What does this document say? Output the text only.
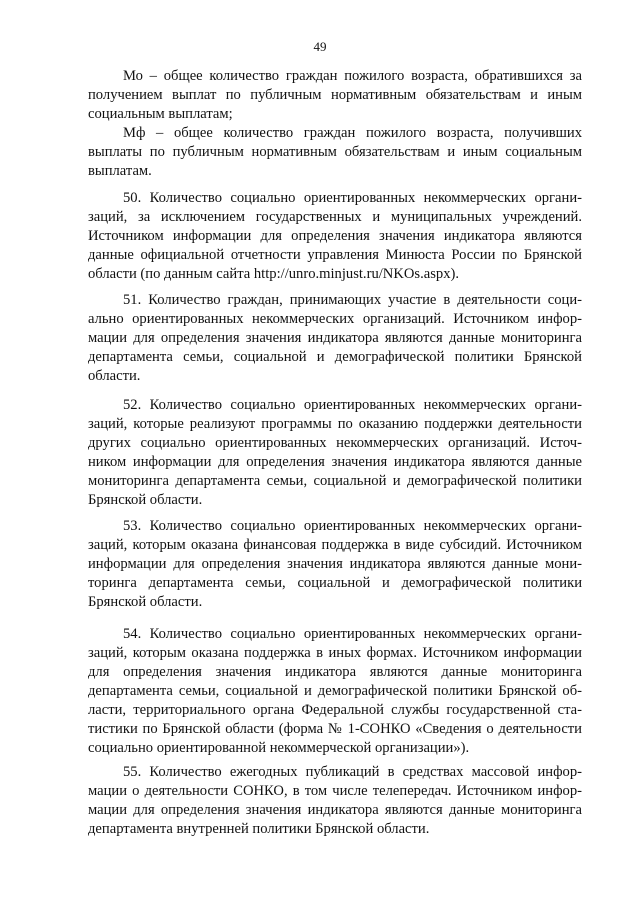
49
Мо – общее количество граждан пожилого возраста, обратившихся за
получением выплат по публичным нормативным обязательствам и иным
социальным выплатам;
Мф – общее количество граждан пожилого возраста, получивших
выплаты по публичным нормативным обязательствам и иным социальным
выплатам.
50. Количество социально ориентированных некоммерческих органи-
заций, за исключением государственных и муниципальных учреждений.
Источником информации для определения значения индикатора являются
данные официальной отчетности управления Минюста России по Брянской
области (по данным сайта http://unro.minjust.ru/NKOs.aspx).
51. Количество граждан, принимающих участие в деятельности соци-
ально ориентированных некоммерческих организаций. Источником инфор-
мации для определения значения индикатора являются данные мониторинга
департамента семьи, социальной и демографической политики Брянской
области.
52. Количество социально ориентированных некоммерческих органи-
заций, которые реализуют программы по оказанию поддержки деятельности
других социально ориентированных некоммерческих организаций. Источ-
ником информации для определения значения индикатора являются данные
мониторинга департамента семьи, социальной и демографической политики
Брянской области.
53. Количество социально ориентированных некоммерческих органи-
заций, которым оказана финансовая поддержка в виде субсидий. Источником
информации для определения значения индикатора являются данные мони-
торинга департамента семьи, социальной и демографической политики
Брянской области.
54. Количество социально ориентированных некоммерческих органи-
заций, которым оказана поддержка в иных формах. Источником информации
для определения значения индикатора являются данные мониторинга
департамента семьи, социальной и демографической политики Брянской об-
ласти, территориального органа Федеральной службы государственной ста-
тистики по Брянской области (форма № 1-СОНКО «Сведения о деятельности
социально ориентированной некоммерческой организации»).
55. Количество ежегодных публикаций в средствах массовой инфор-
мации о деятельности СОНКО, в том числе телепередач. Источником инфор-
мации для определения значения индикатора являются данные мониторинга
департамента внутренней политики Брянской области.
